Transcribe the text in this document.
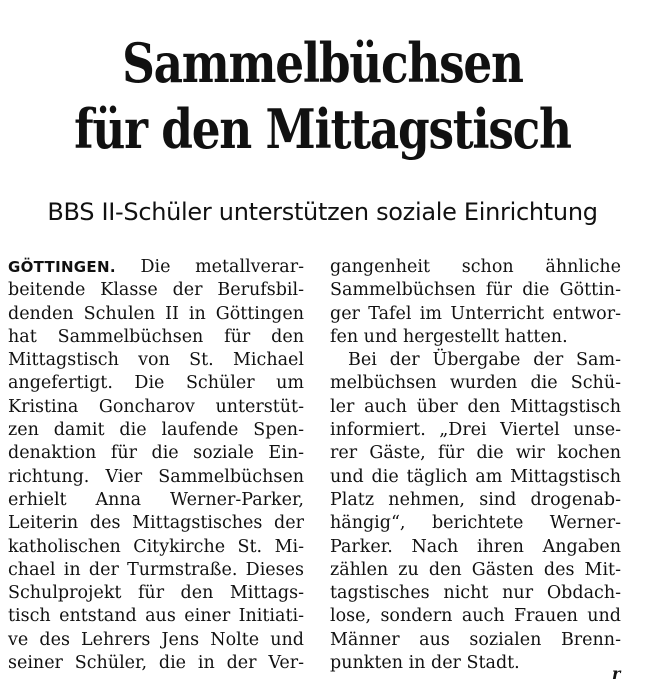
Sammelbüchsen
für den Mittagstisch
BBS II-Schüler unterstützen soziale Einrichtung
GÖTTINGEN. Die metallverar-
beitende Klasse der Berufsbil-
denden Schulen II in Göttingen
hat Sammelbüchsen für den
Mittagstisch von St. Michael
angefertigt. Die Schüler um
Kristina Goncharov unterstüt-
zen damit die laufende Spen-
denaktion für die soziale Ein-
richtung. Vier Sammelbüchsen
erhielt Anna Werner-Parker,
Leiterin des Mittagstisches der
katholischen Citykirche St. Mi-
chael in der Turmstraße. Dieses
Schulprojekt für den Mittags-
tisch entstand aus einer Initiati-
ve des Lehrers Jens Nolte und
seiner Schüler, die in der Ver-
gangenheit schon ähnliche
Sammelbüchsen für die Göttin-
ger Tafel im Unterricht entwor-
fen und hergestellt hatten.
Bei der Übergabe der Sam-
melbüchsen wurden die Schü-
ler auch über den Mittagstisch
informiert. „Drei Viertel unse-
rer Gäste, für die wir kochen
und die täglich am Mittagstisch
Platz nehmen, sind drogenab-
hängig“, berichtete Werner-
Parker. Nach ihren Angaben
zählen zu den Gästen des Mit-
tagstisches nicht nur Obdach-
lose, sondern auch Frauen und
Männer aus sozialen Brenn-
punkten in der Stadt.
r
